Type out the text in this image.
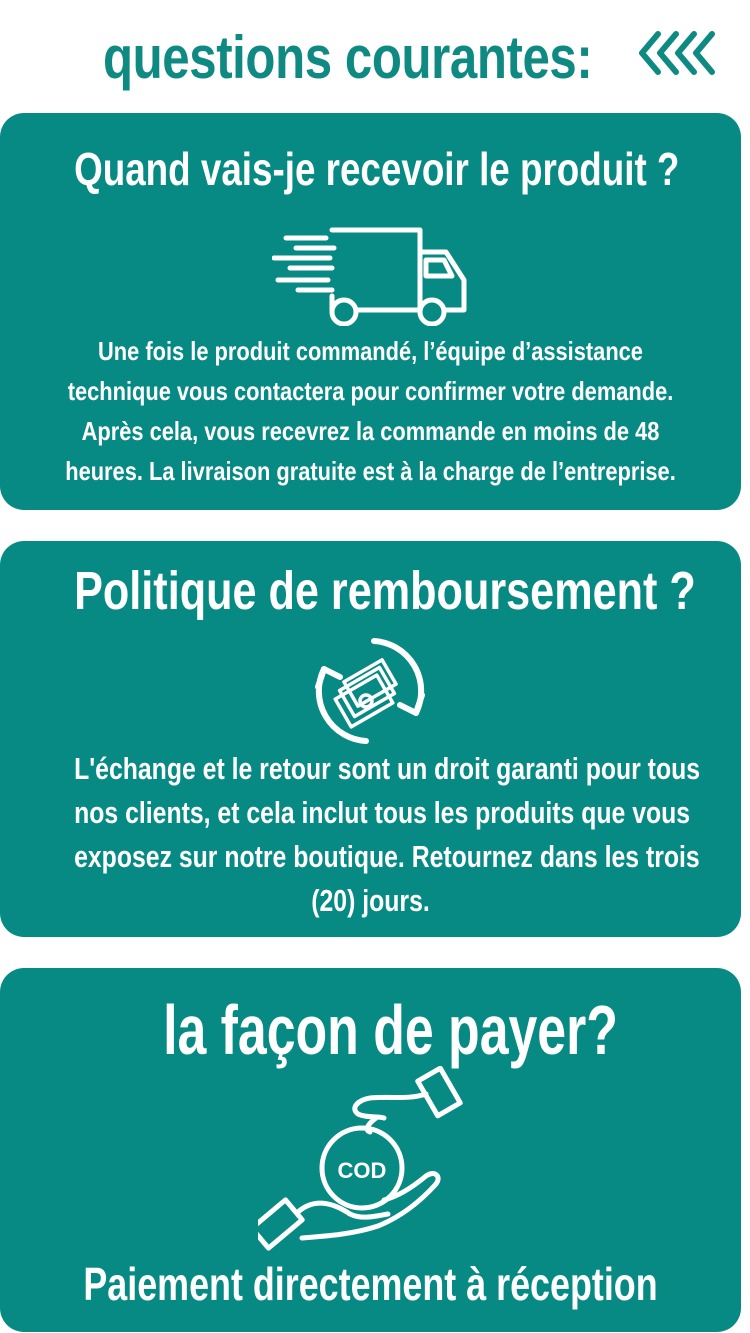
questions courantes:
Quand vais-je recevoir le produit ?

Une fois le produit commandé, l’équipe d’assistance
technique vous contactera pour confirmer votre demande.
Après cela, vous recevrez la commande en moins de 48
heures. La livraison gratuite est à la charge de l’entreprise.

Politique de remboursement ?

L'échange et le retour sont un droit garanti pour tous
nos clients, et cela inclut tous les produits que vous
exposez sur notre boutique. Retournez dans les trois
(20) jours.

la façon de payer?
COD

Paiement directement à réception
